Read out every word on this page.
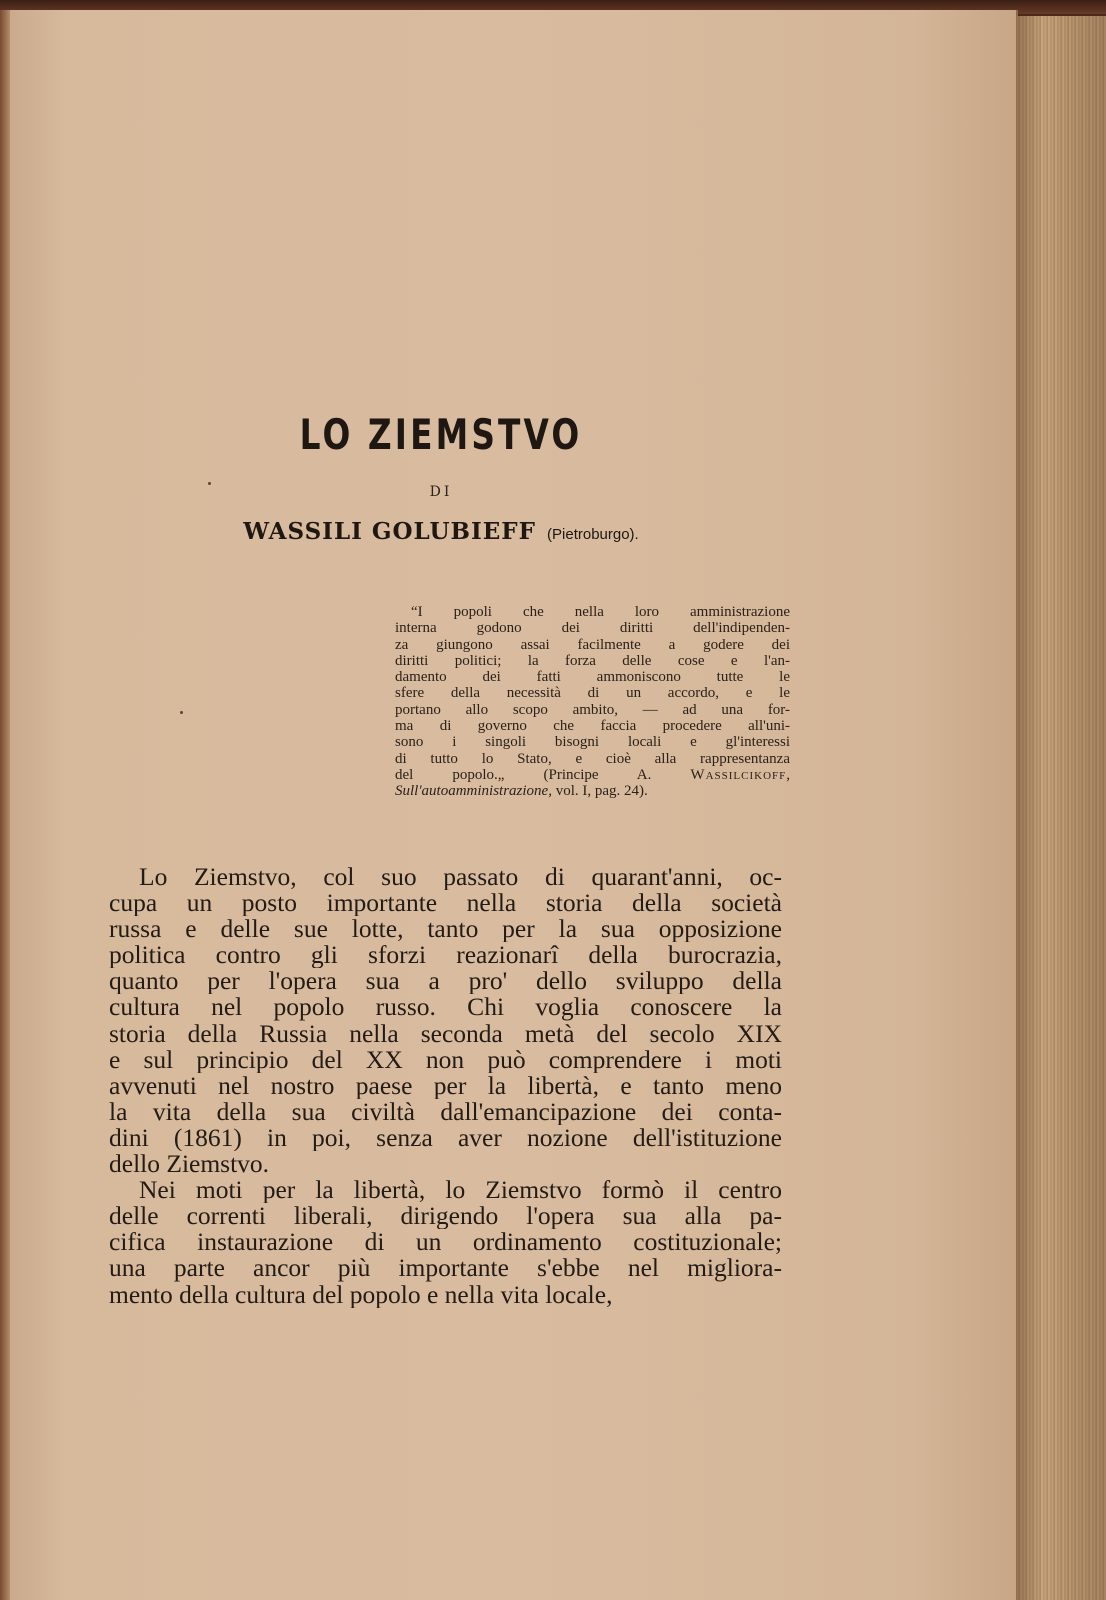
LO ZIEMSTVO
DI
WASSILI GOLUBIEFF (Pietroburgo).
“I popoli che nella loro amministrazione
interna godono dei diritti dell'indipenden-
za giungono assai facilmente a godere dei
diritti politici; la forza delle cose e l'an-
damento dei fatti ammoniscono tutte le
sfere della necessità di un accordo, e le
portano allo scopo ambito, — ad una for-
ma di governo che faccia procedere all'uni-
sono i singoli bisogni locali e gl'interessi
di tutto lo Stato, e cioè alla rappresentanza
del popolo.„ (Principe A.	Wassilcikoff,
Sull'autoamministrazione, vol. I, pag. 24).
Lo Ziemstvo, col suo passato di quarant'anni, oc-
cupa un posto importante nella storia della società
russa e delle sue lotte, tanto per la sua opposizione
politica contro gli sforzi reazionarî della burocrazia,
quanto per l'opera sua a pro' dello sviluppo della
cultura nel popolo russo. Chi voglia conoscere la
storia della Russia nella seconda metà del secolo XIX
e sul principio del XX non può comprendere i moti
avvenuti nel nostro paese per la libertà, e tanto meno
la vita della sua civiltà dall'emancipazione dei conta-
dini (1861) in poi, senza aver nozione dell'istituzione
dello Ziemstvo.
Nei moti per la libertà, lo Ziemstvo formò il centro
delle correnti liberali, dirigendo l'opera sua alla pa-
cifica instaurazione di un ordinamento costituzionale;
una parte ancor più importante s'ebbe nel migliora-
mento della cultura del popolo e nella vita locale,
